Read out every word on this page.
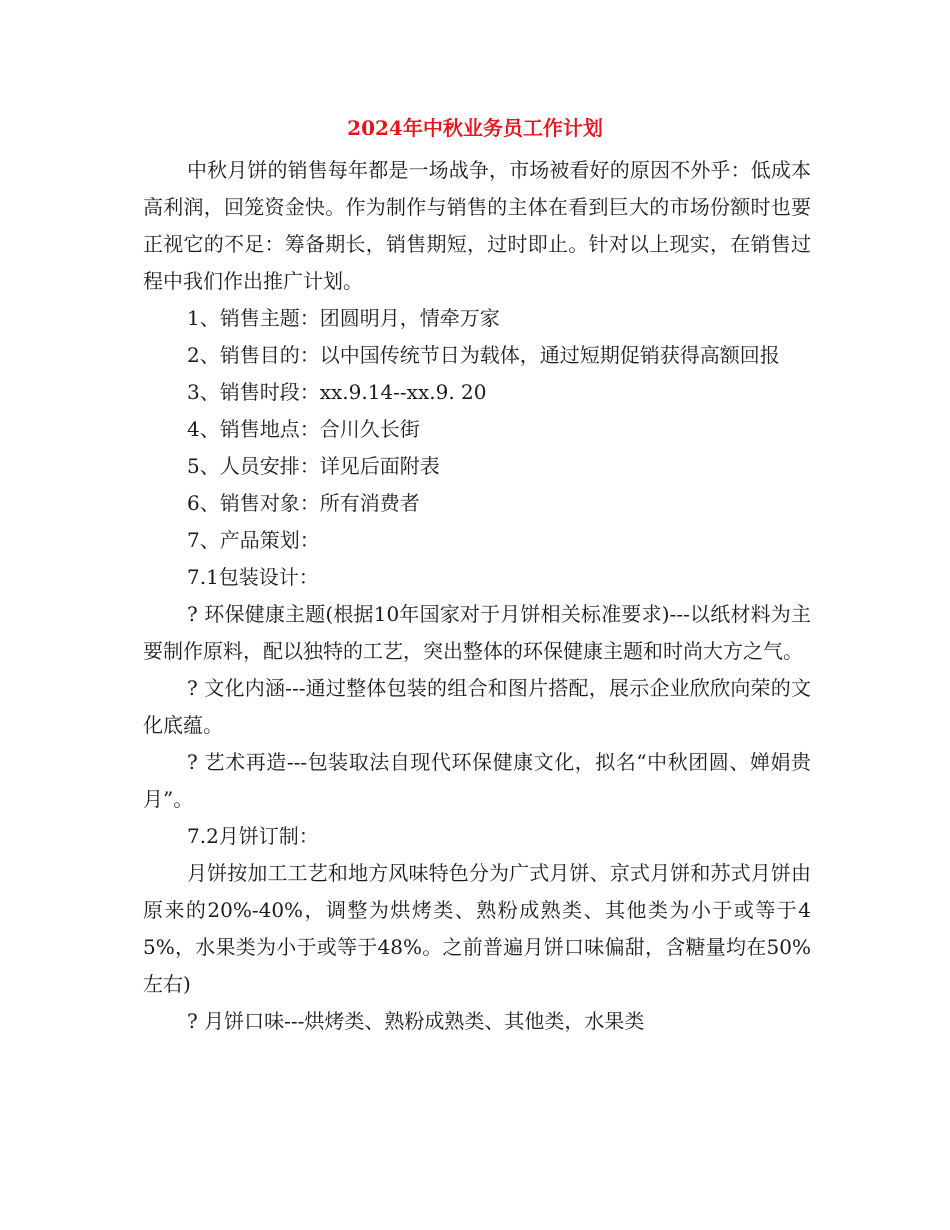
2024年中秋业务员工作计划

中秋月饼的销售每年都是一场战争，市场被看好的原因不外乎：低成本高利润，回笼资金快。作为制作与销售的主体在看到巨大的市场份额时也要正视它的不足：筹备期长，销售期短，过时即止。针对以上现实，在销售过程中我们作出推广计划。

1、销售主题：团圆明月，情牵万家

2、销售目的：以中国传统节日为载体，通过短期促销获得高额回报

3、销售时段：xx.9.14--xx.9. 20

4、销售地点：合川久长街

5、人员安排：详见后面附表

6、销售对象：所有消费者

7、产品策划：

7.1包装设计：

? 环保健康主题(根据10年国家对于月饼相关标准要求)---以纸材料为主要制作原料，配以独特的工艺，突出整体的环保健康主题和时尚大方之气。

? 文化内涵---通过整体包装的组合和图片搭配，展示企业欣欣向荣的文化底蕴。

? 艺术再造---包装取法自现代环保健康文化，拟名“中秋团圆、婵娟贵月”。

7.2月饼订制：

月饼按加工工艺和地方风味特色分为广式月饼、京式月饼和苏式月饼由原来的20%-40%，调整为烘烤类、熟粉成熟类、其他类为小于或等于45%，水果类为小于或等于48%。之前普遍月饼口味偏甜，含糖量均在50%左右)

? 月饼口味---烘烤类、熟粉成熟类、其他类，水果类
